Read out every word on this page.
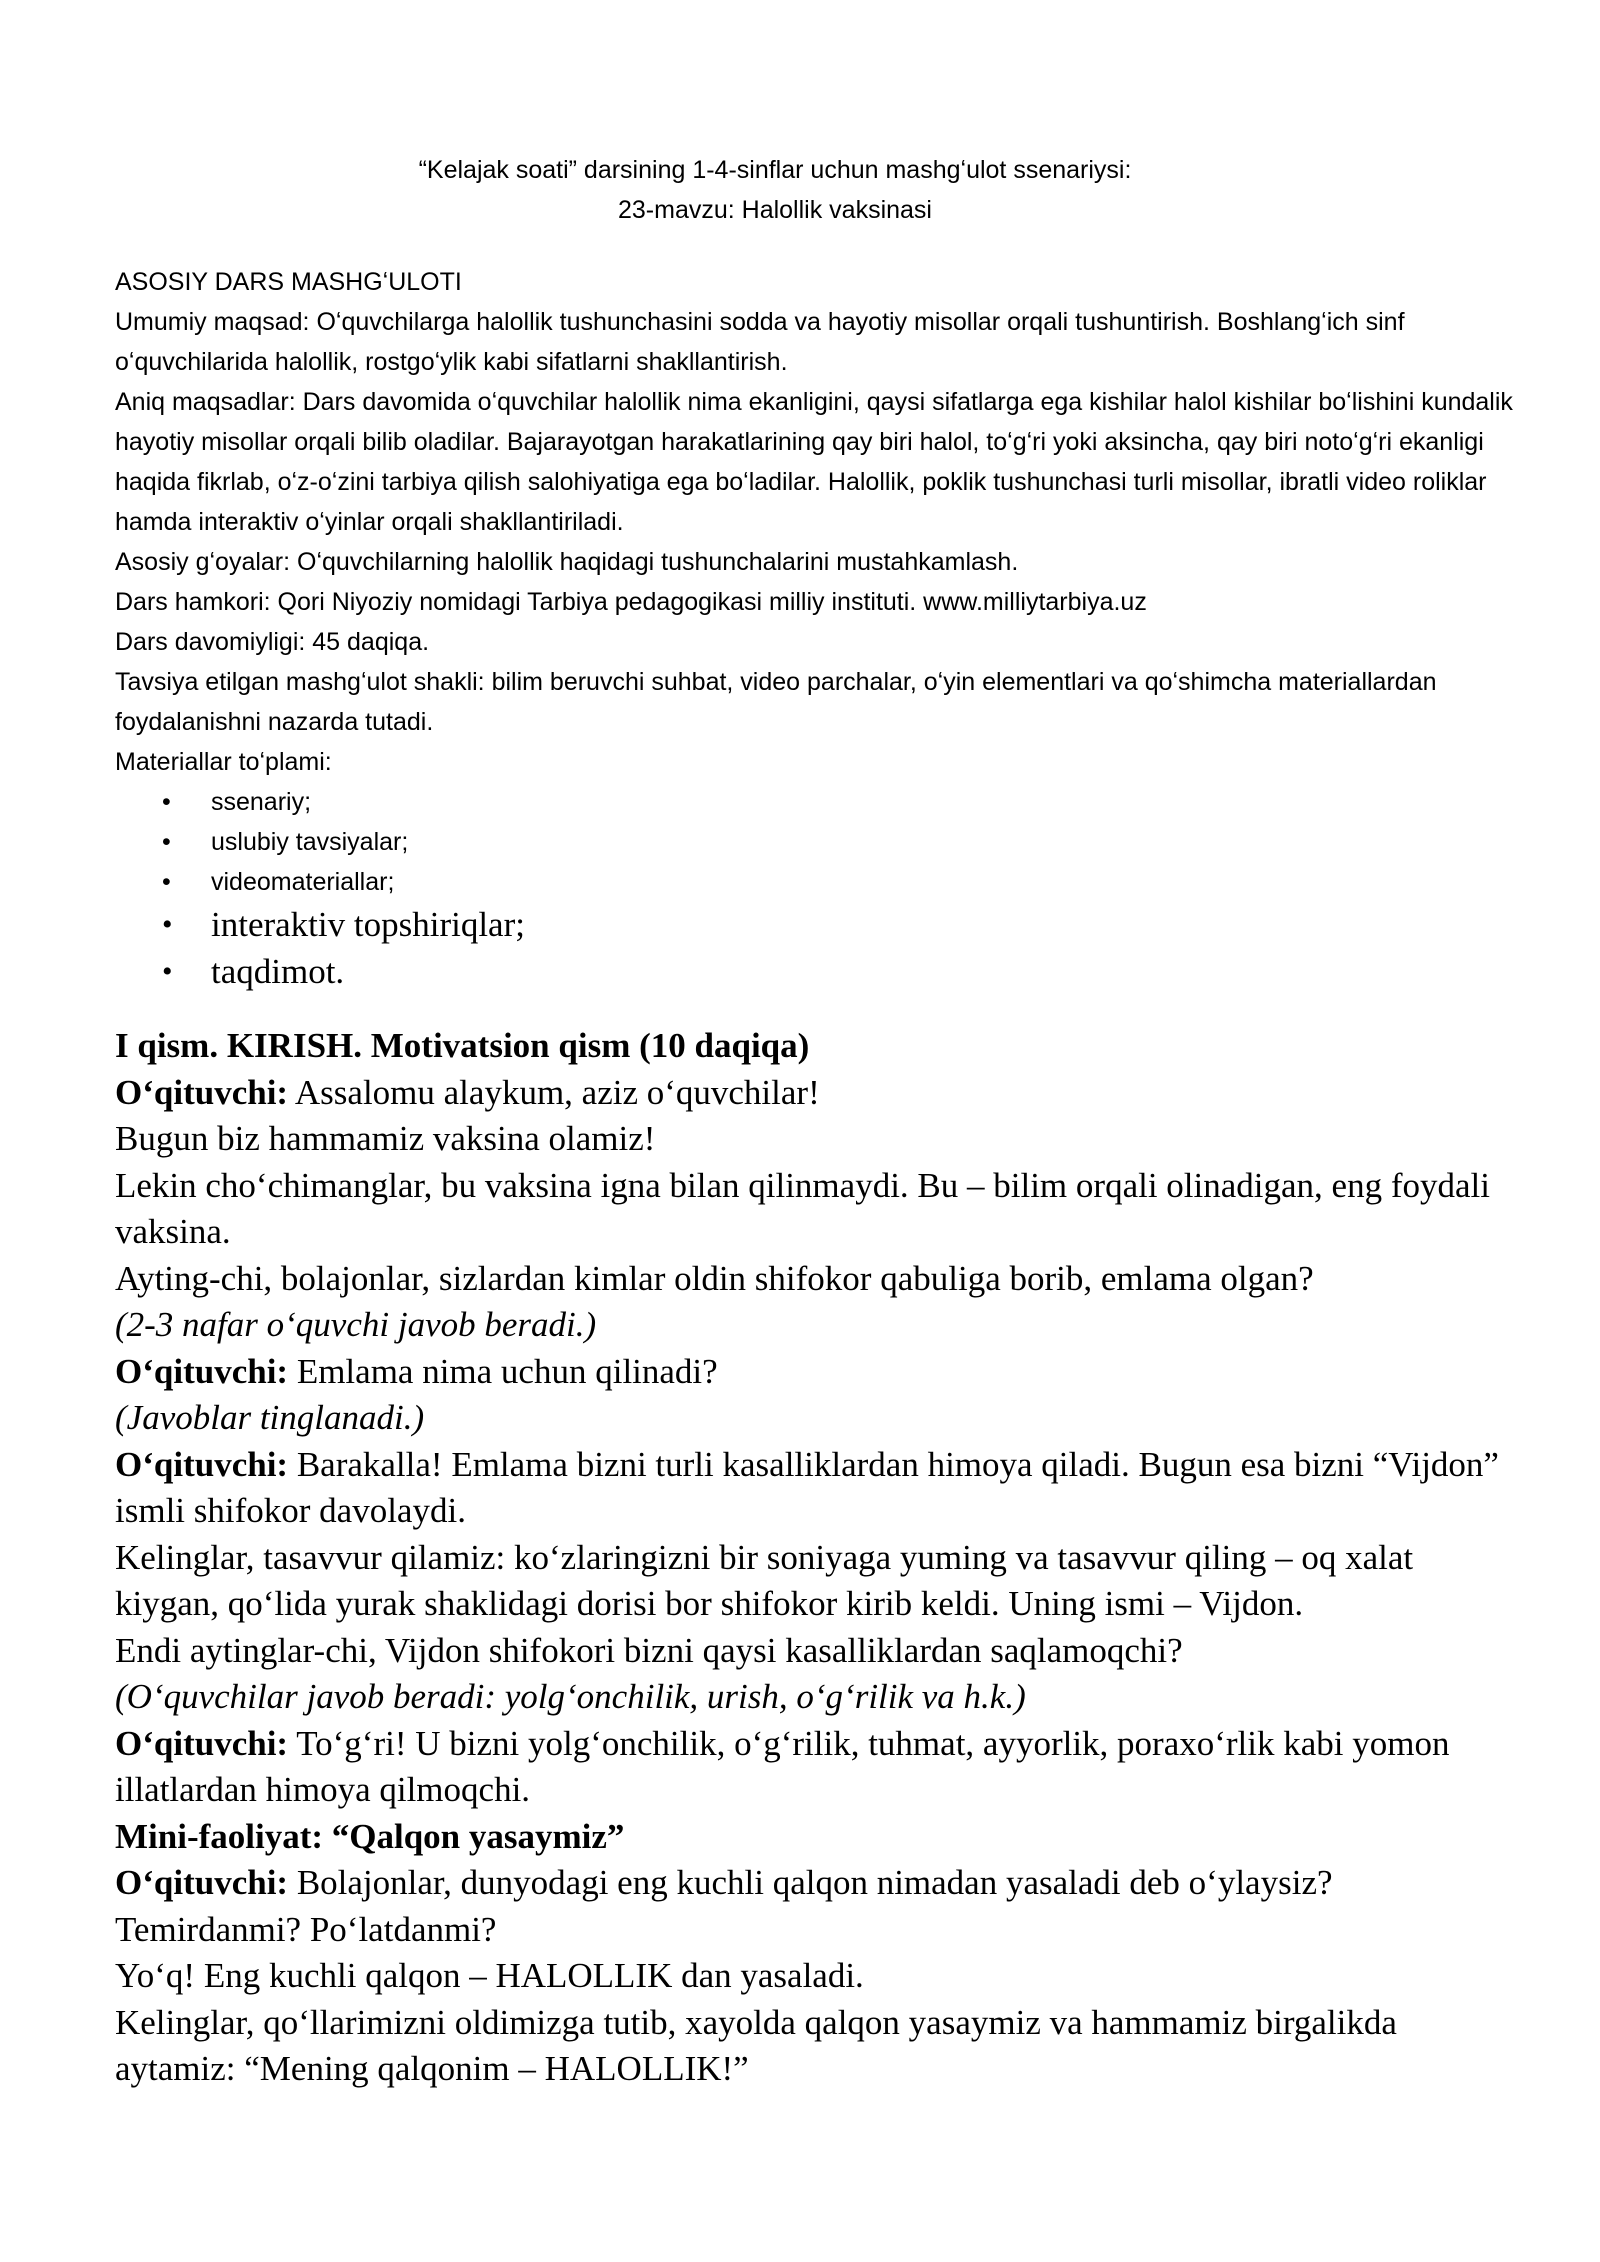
“Kelajak soati” darsining 1-4-sinflar uchun mashgʻulot ssenariysi:

23-mavzu: Halollik vaksinasi

ASOSIY DARS MASHGʻULOTI

Umumiy maqsad: Oʻquvchilarga halollik tushunchasini sodda va hayotiy misollar orqali tushuntirish. Boshlangʻich sinf oʻquvchilarida halollik, rostgoʻylik kabi sifatlarni shakllantirish.

Aniq maqsadlar: Dars davomida oʻquvchilar halollik nima ekanligini, qaysi sifatlarga ega kishilar halol kishilar boʻlishini kundalik hayotiy misollar orqali bilib oladilar. Bajarayotgan harakatlarining qay biri halol, toʻgʻri yoki aksincha, qay biri notoʻgʻri ekanligi haqida fikrlab, oʻz-oʻzini tarbiya qilish salohiyatiga ega boʻladilar. Halollik, poklik tushunchasi turli misollar, ibratli video roliklar hamda interaktiv oʻyinlar orqali shakllantiriladi.

Asosiy gʻoyalar: Oʻquvchilarning halollik haqidagi tushunchalarini mustahkamlash.

Dars hamkori: Qori Niyoziy nomidagi Tarbiya pedagogikasi milliy instituti. www.milliytarbiya.uz

Dars davomiyligi: 45 daqiqa.

Tavsiya etilgan mashgʻulot shakli: bilim beruvchi suhbat, video parchalar, oʻyin elementlari va qoʻshimcha materiallardan foydalanishni nazarda tutadi.

Materiallar toʻplami:

• ssenariy;
• uslubiy tavsiyalar;
• videomateriallar;
• interaktiv topshiriqlar;
• taqdimot.

I qism. KIRISH. Motivatsion qism (10 daqiqa)

Oʻqituvchi: Assalomu alaykum, aziz oʻquvchilar!

Bugun biz hammamiz vaksina olamiz!

Lekin choʻchimanglar, bu vaksina igna bilan qilinmaydi. Bu – bilim orqali olinadigan, eng foydali vaksina.

Ayting-chi, bolajonlar, sizlardan kimlar oldin shifokor qabuliga borib, emlama olgan?

(2-3 nafar oʻquvchi javob beradi.)

Oʻqituvchi: Emlama nima uchun qilinadi?

(Javoblar tinglanadi.)

Oʻqituvchi: Barakalla! Emlama bizni turli kasalliklardan himoya qiladi. Bugun esa bizni “Vijdon” ismli shifokor davolaydi.

Kelinglar, tasavvur qilamiz: koʻzlaringizni bir soniyaga yuming va tasavvur qiling – oq xalat kiygan, qoʻlida yurak shaklidagi dorisi bor shifokor kirib keldi. Uning ismi – Vijdon.

Endi aytinglar-chi, Vijdon shifokori bizni qaysi kasalliklardan saqlamoqchi?

(Oʻquvchilar javob beradi: yolgʻonchilik, urish, oʻgʻrilik va h.k.)

Oʻqituvchi: Toʻgʻri! U bizni yolgʻonchilik, oʻgʻrilik, tuhmat, ayyorlik, poraxoʻrlik kabi yomon illatlardan himoya qilmoqchi.

Mini-faoliyat: “Qalqon yasaymiz”

Oʻqituvchi: Bolajonlar, dunyodagi eng kuchli qalqon nimadan yasaladi deb oʻylaysiz? Temirdanmi? Poʻlatdanmi?

Yoʻq! Eng kuchli qalqon – HALOLLIK dan yasaladi.

Kelinglar, qoʻllarimizni oldimizga tutib, xayolda qalqon yasaymiz va hammamiz birgalikda aytamiz: “Mening qalqonim – HALOLLIK!”
